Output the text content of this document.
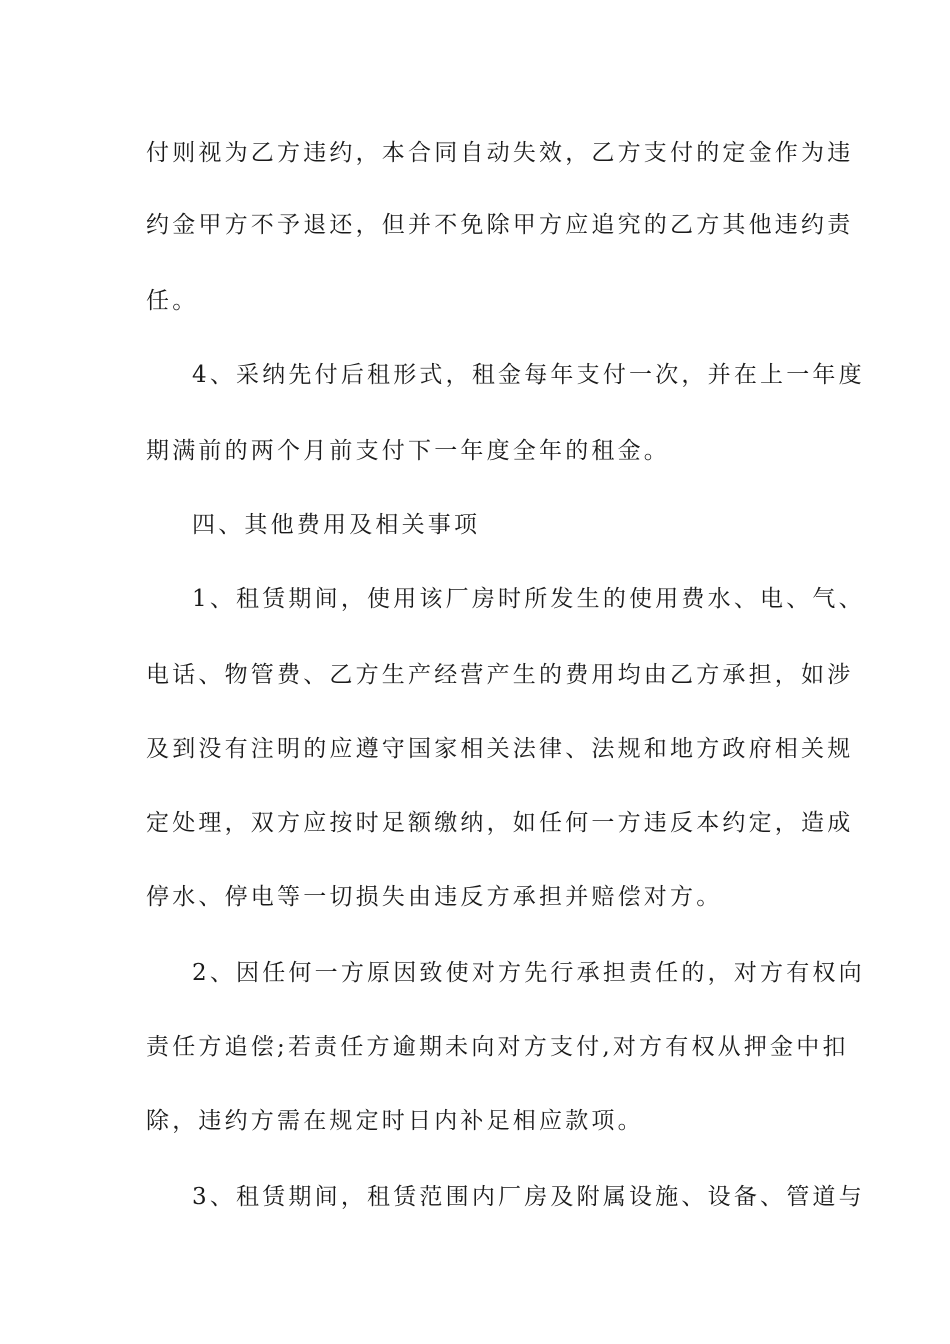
付则视为乙方违约，本合同自动失效，乙方支付的定金作为违
约金甲方不予退还，但并不免除甲方应追究的乙方其他违约责
任。
4、采纳先付后租形式，租金每年支付一次，并在上一年度
期满前的两个月前支付下一年度全年的租金。
四、其他费用及相关事项
1、租赁期间，使用该厂房时所发生的使用费水、电、气、
电话、物管费、乙方生产经营产生的费用均由乙方承担，如涉
及到没有注明的应遵守国家相关法律、法规和地方政府相关规
定处理，双方应按时足额缴纳，如任何一方违反本约定，造成
停水、停电等一切损失由违反方承担并赔偿对方。
2、因任何一方原因致使对方先行承担责任的，对方有权向
责任方追偿;若责任方逾期未向对方支付,对方有权从押金中扣
除，违约方需在规定时日内补足相应款项。
3、租赁期间，租赁范围内厂房及附属设施、设备、管道与
